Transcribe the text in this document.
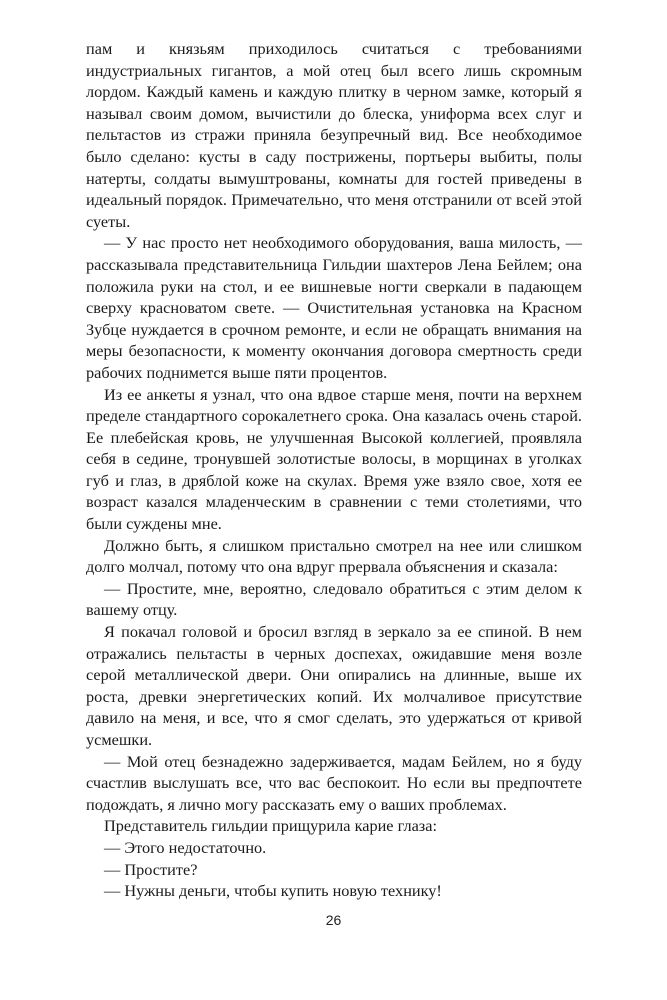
пам и князьям приходилось считаться с требованиями индустриальных гигантов, а мой отец был всего лишь скромным лордом. Каждый камень и каждую плитку в черном замке, который я называл своим домом, вычистили до блеска, униформа всех слуг и пельтастов из стражи приняла безупречный вид. Все необходимое было сделано: кусты в саду пострижены, портьеры выбиты, полы натерты, солдаты вымуштрованы, комнаты для гостей приведены в идеальный порядок. Примечательно, что меня отстранили от всей этой суеты.

— У нас просто нет необходимого оборудования, ваша милость, — рассказывала представительница Гильдии шахтеров Лена Бейлем; она положила руки на стол, и ее вишневые ногти сверкали в падающем сверху красноватом свете. — Очистительная установка на Красном Зубце нуждается в срочном ремонте, и если не обращать внимания на меры безопасности, к моменту окончания договора смертность среди рабочих поднимется выше пяти процентов.

Из ее анкеты я узнал, что она вдвое старше меня, почти на верхнем пределе стандартного сорокалетнего срока. Она казалась очень старой. Ее плебейская кровь, не улучшенная Высокой коллегией, проявляла себя в седине, тронувшей золотистые волосы, в морщинах в уголках губ и глаз, в дряблой коже на скулах. Время уже взяло свое, хотя ее возраст казался младенческим в сравнении с теми столетиями, что были суждены мне.

Должно быть, я слишком пристально смотрел на нее или слишком долго молчал, потому что она вдруг прервала объяснения и сказала:

— Простите, мне, вероятно, следовало обратиться с этим делом к вашему отцу.

Я покачал головой и бросил взгляд в зеркало за ее спиной. В нем отражались пельтасты в черных доспехах, ожидавшие меня возле серой металлической двери. Они опирались на длинные, выше их роста, древки энергетических копий. Их молчаливое присутствие давило на меня, и все, что я смог сделать, это удержаться от кривой усмешки.

— Мой отец безнадежно задерживается, мадам Бейлем, но я буду счастлив выслушать все, что вас беспокоит. Но если вы предпочтете подождать, я лично могу рассказать ему о ваших проблемах.

Представитель гильдии прищурила карие глаза:

— Этого недостаточно.

— Простите?

— Нужны деньги, чтобы купить новую технику!

26
